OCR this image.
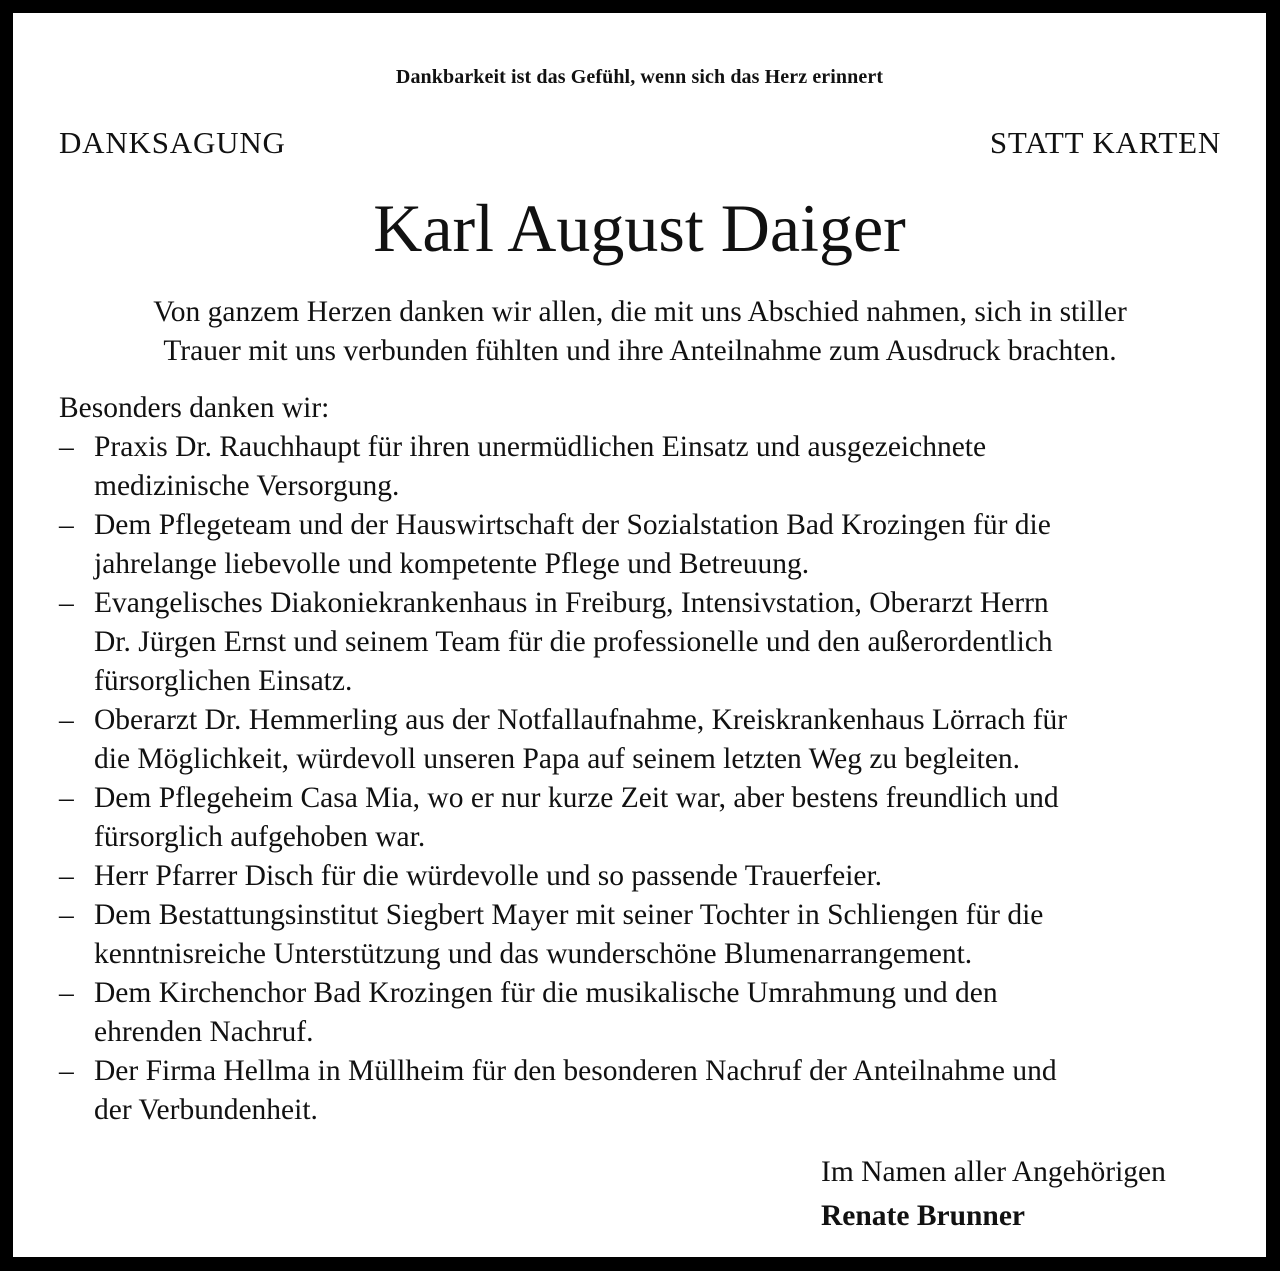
Dankbarkeit ist das Gefühl, wenn sich das Herz erinnert
DANKSAGUNG	STATT KARTEN
Karl August Daiger
Von ganzem Herzen danken wir allen, die mit uns Abschied nahmen, sich in stiller
Trauer mit uns verbunden fühlten und ihre Anteilnahme zum Ausdruck brachten.
Besonders danken wir:
– Praxis Dr. Rauchhaupt für ihren unermüdlichen Einsatz und ausgezeichnete
medizinische Versorgung.
– Dem Pflegeteam und der Hauswirtschaft der Sozialstation Bad Krozingen für die
jahrelange liebevolle und kompetente Pflege und Betreuung.
– Evangelisches Diakoniekrankenhaus in Freiburg, Intensivstation, Oberarzt Herrn
Dr. Jürgen Ernst und seinem Team für die professionelle und den außerordentlich
fürsorglichen Einsatz.
– Oberarzt Dr. Hemmerling aus der Notfallaufnahme, Kreiskrankenhaus Lörrach für
die Möglichkeit, würdevoll unseren Papa auf seinem letzten Weg zu begleiten.
– Dem Pflegeheim Casa Mia, wo er nur kurze Zeit war, aber bestens freundlich und
fürsorglich aufgehoben war.
– Herr Pfarrer Disch für die würdevolle und so passende Trauerfeier.
– Dem Bestattungsinstitut Siegbert Mayer mit seiner Tochter in Schliengen für die
kenntnisreiche Unterstützung und das wunderschöne Blumenarrangement.
– Dem Kirchenchor Bad Krozingen für die musikalische Umrahmung und den
ehrenden Nachruf.
– Der Firma Hellma in Müllheim für den besonderen Nachruf der Anteilnahme und
der Verbundenheit.
Im Namen aller Angehörigen
Renate Brunner
